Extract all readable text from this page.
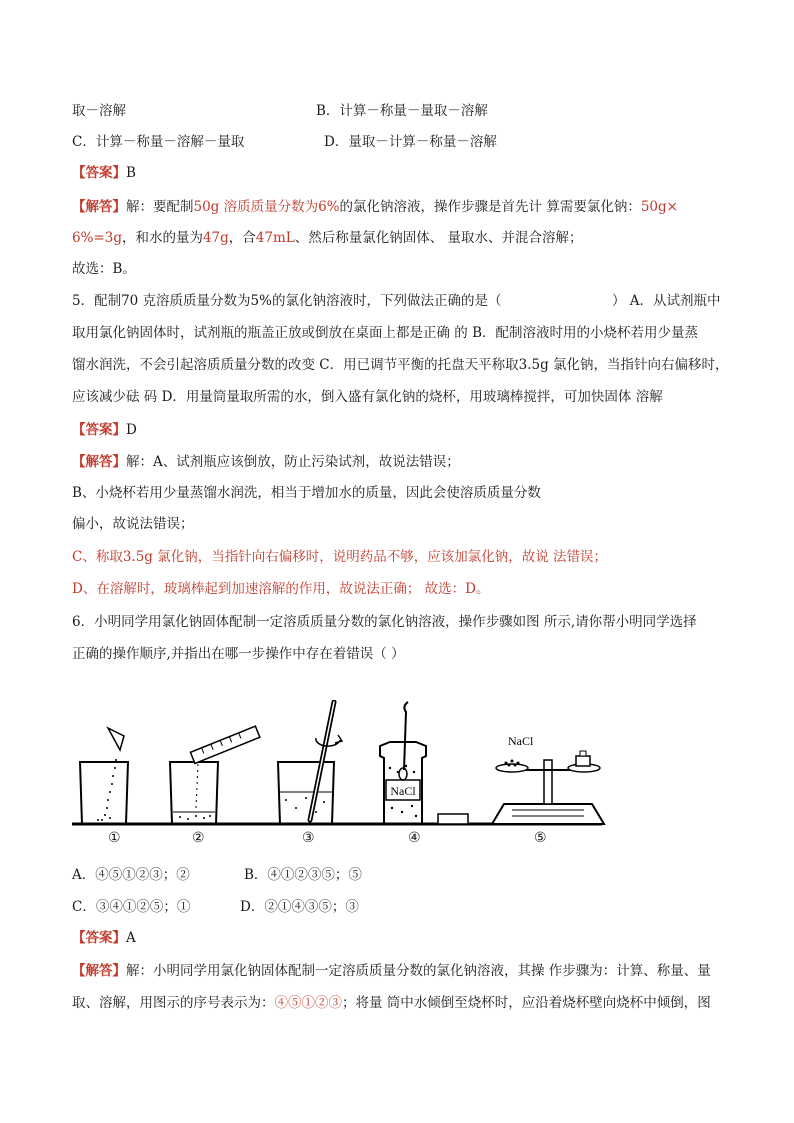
取－溶解	B．计算－称量－量取－溶解
C．计算－称量－溶解－量取	D．量取－计算－称量－溶解
【答案】B
【解答】解：要配制50g 溶质质量分数为6%的氯化钠溶液，操作步骤是首先计 算需要氯化钠：50g×
6%=3g，和水的量为47g，合47mL、然后称量氯化钠固体、 量取水、并混合溶解；
故选：B。
5．配制70 克溶质质量分数为5%的氯化钠溶液时，下列做法正确的是（	） A．从试剂瓶中
取用氯化钠固体时，试剂瓶的瓶盖正放或倒放在桌面上都是正确 的 B．配制溶液时用的小烧杯若用少量蒸
馏水润洗，不会引起溶质质量分数的改变 C．用已调节平衡的托盘天平称取3.5g 氯化钠，当指针向右偏移时，
应该减少砝 码 D．用量筒量取所需的水，倒入盛有氯化钠的烧杯，用玻璃棒搅拌，可加快固体 溶解
【答案】D
【解答】解：A、试剂瓶应该倒放，防止污染试剂，故说法错误；
B、小烧杯若用少量蒸馏水润洗，相当于增加水的质量，因此会使溶质质量分数
偏小，故说法错误；
C、称取3.5g 氯化钠，当指针向右偏移时，说明药品不够，应该加氯化钠，故说 法错误；
D、在溶解时，玻璃棒起到加速溶解的作用，故说法正确； 故选：D。
6．小明同学用氯化钠固体配制一定溶质质量分数的氯化钠溶液，操作步骤如图 所示,请你帮小明同学选择
正确的操作顺序,并指出在哪一步操作中存在着错误（ ）
NaCl
NaCl
①	②	③	④	⑤
A．④⑤①②③；②	B．④①②③⑤；⑤
C．③④①②⑤；①	D．②①④③⑤；③
【答案】A
【解答】解：小明同学用氯化钠固体配制一定溶质质量分数的氯化钠溶液，其操 作步骤为：计算、称量、量
取、溶解，用图示的序号表示为：④⑤①②③；将量 筒中水倾倒至烧杯时，应沿着烧杯壁向烧杯中倾倒，图
